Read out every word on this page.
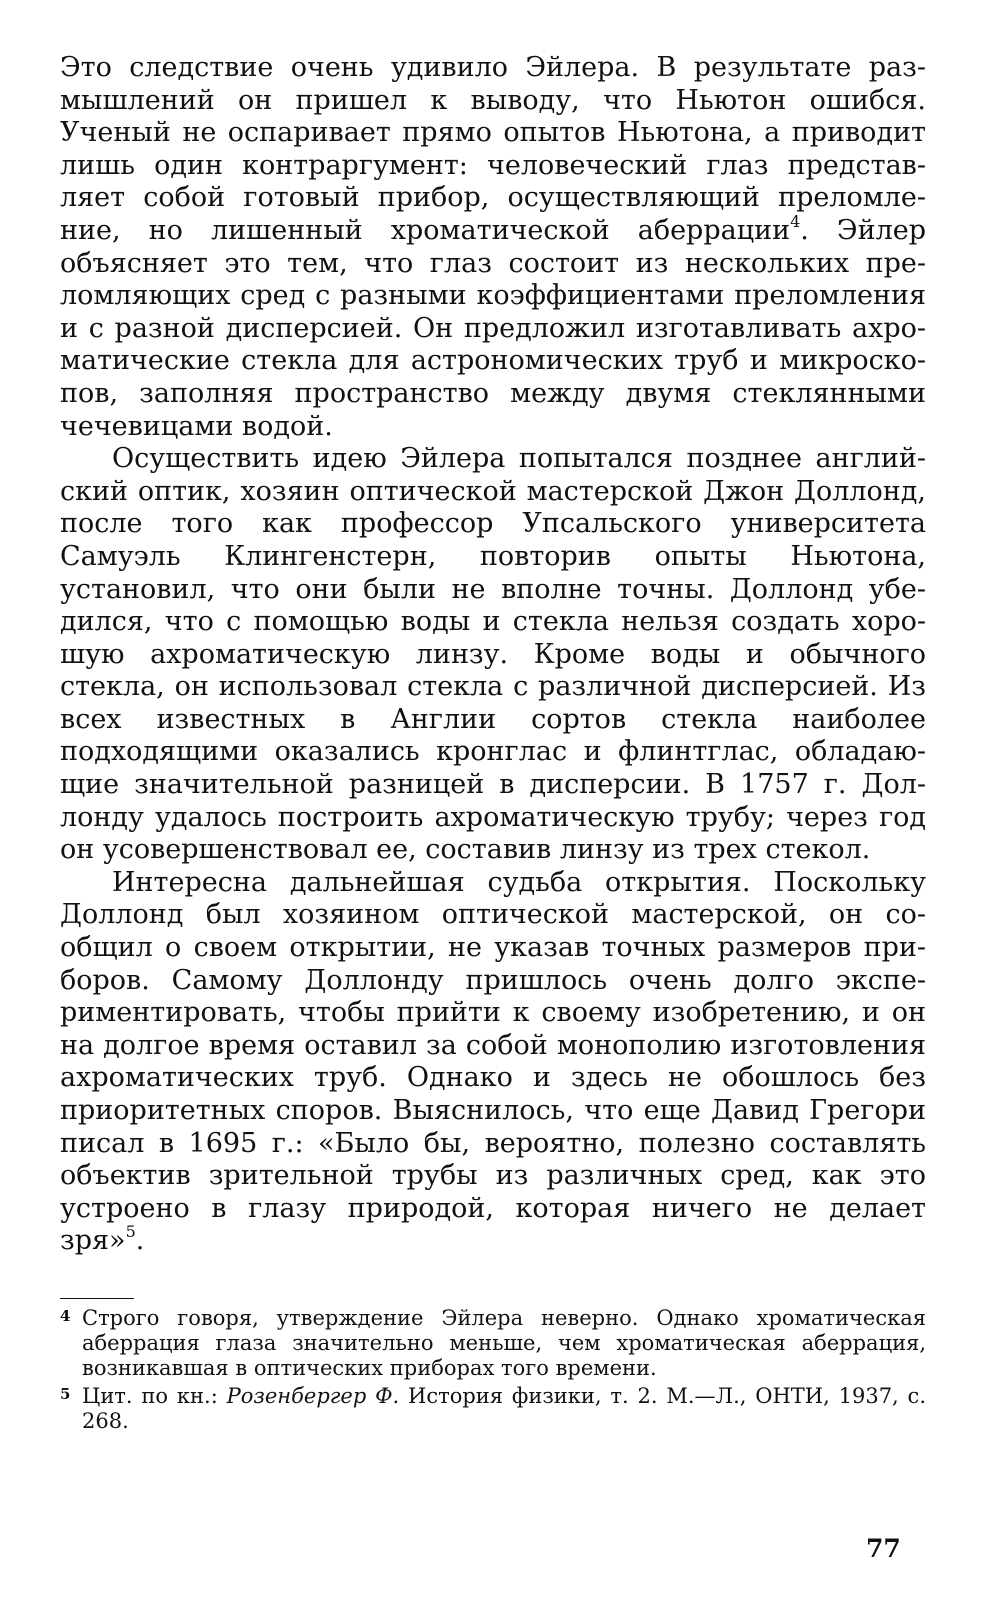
Это следствие очень удивило Эйлера. В результате размышлений он пришел к выводу, что Ньютон ошибся. Ученый не оспаривает прямо опытов Ньютона, а приводит лишь один контраргумент: человеческий глаз представляет собой готовый прибор, осуществляющий преломление, но лишенный хроматической аберрации$^4$. Эйлер объясняет это тем, что глаз состоит из нескольких преломляющих сред с разными коэффициентами преломления и с разной дисперсией. Он предложил изготавливать ахроматические стекла для астрономических труб и микроскопов, заполняя пространство между двумя стеклянными чечевицами водой.

Осуществить идею Эйлера попытался позднее английский оптик, хозяин оптической мастерской Джон Доллонд, после того как профессор Упсальского университета Самуэль Клингенстерн, повторив опыты Ньютона, установил, что они были не вполне точны. Доллонд убедился, что с помощью воды и стекла нельзя создать хорошую ахроматическую линзу. Кроме воды и обычного стекла, он использовал стекла с различной дисперсией. Из всех известных в Англии сортов стекла наиболее подходящими оказались кронглас и флинтглас, обладающие значительной разницей в дисперсии. В 1757 г. Доллонду удалось построить ахроматическую трубу; через год он усовершенствовал ее, составив линзу из трех стекол.

Интересна дальнейшая судьба открытия. Поскольку Доллонд был хозяином оптической мастерской, он сообщил о своем открытии, не указав точных размеров приборов. Самому Доллонду пришлось очень долго экспериментировать, чтобы прийти к своему изобретению, и он на долгое время оставил за собой монополию изготовления ахроматических труб. Однако и здесь не обошлось без приоритетных споров. Выяснилось, что еще Давид Грегори писал в 1695 г.: «Было бы, вероятно, полезно составлять объектив зрительной трубы из различных сред, как это устроено в глазу природой, которая ничего не делает зря»$^5$.

4 Строго говоря, утверждение Эйлера неверно. Однако хроматическая аберрация глаза значительно меньше, чем хроматическая аберрация, возникавшая в оптических приборах того времени.

5 Цит. по кн.: Розенбергер Ф. История физики, т. 2. М.—Л., ОНТИ, 1937, с. 268.

77
